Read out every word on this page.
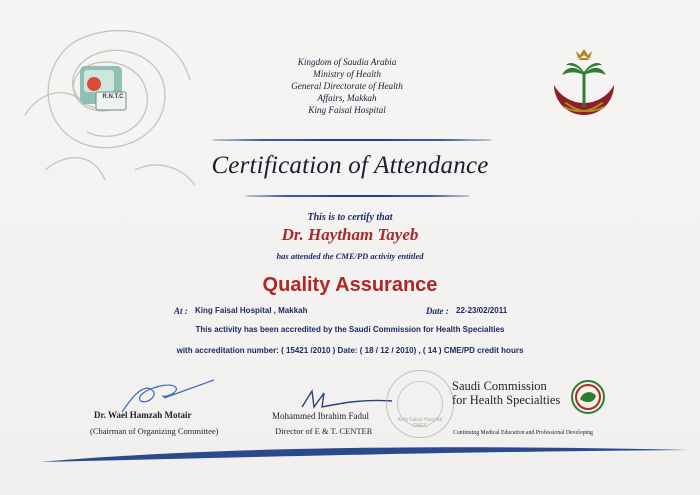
R.N.T.C
Kingdom of Saudia Arabia
Ministry of Health
General Directorate of Health
Affairs, Makkah
King Faisal Hospital
Certification of Attendance
This is to certify that
Dr. Haytham Tayeb
has attended the CME/PD activity entitled
Quality Assurance
At : King Faisal Hospital , Makkah	Date : 22-23/02/2011
This activity has been accredited by the Saudi Commission for Health Specialties
with accreditation number: ( 15421 /2010 ) Date: ( 18 / 12 / 2010) , ( 14 ) CME/PD credit hours
Dr. Wael Hamzah Motair
(Chairman of Organizing Committee)
Mohammed Ibrahim Fadul
Director of E & T. CENTER
King Faisal Hospital CMEC
Saudi Commission
for Health Specialties
Continuing Medical Education and Professional Developing
